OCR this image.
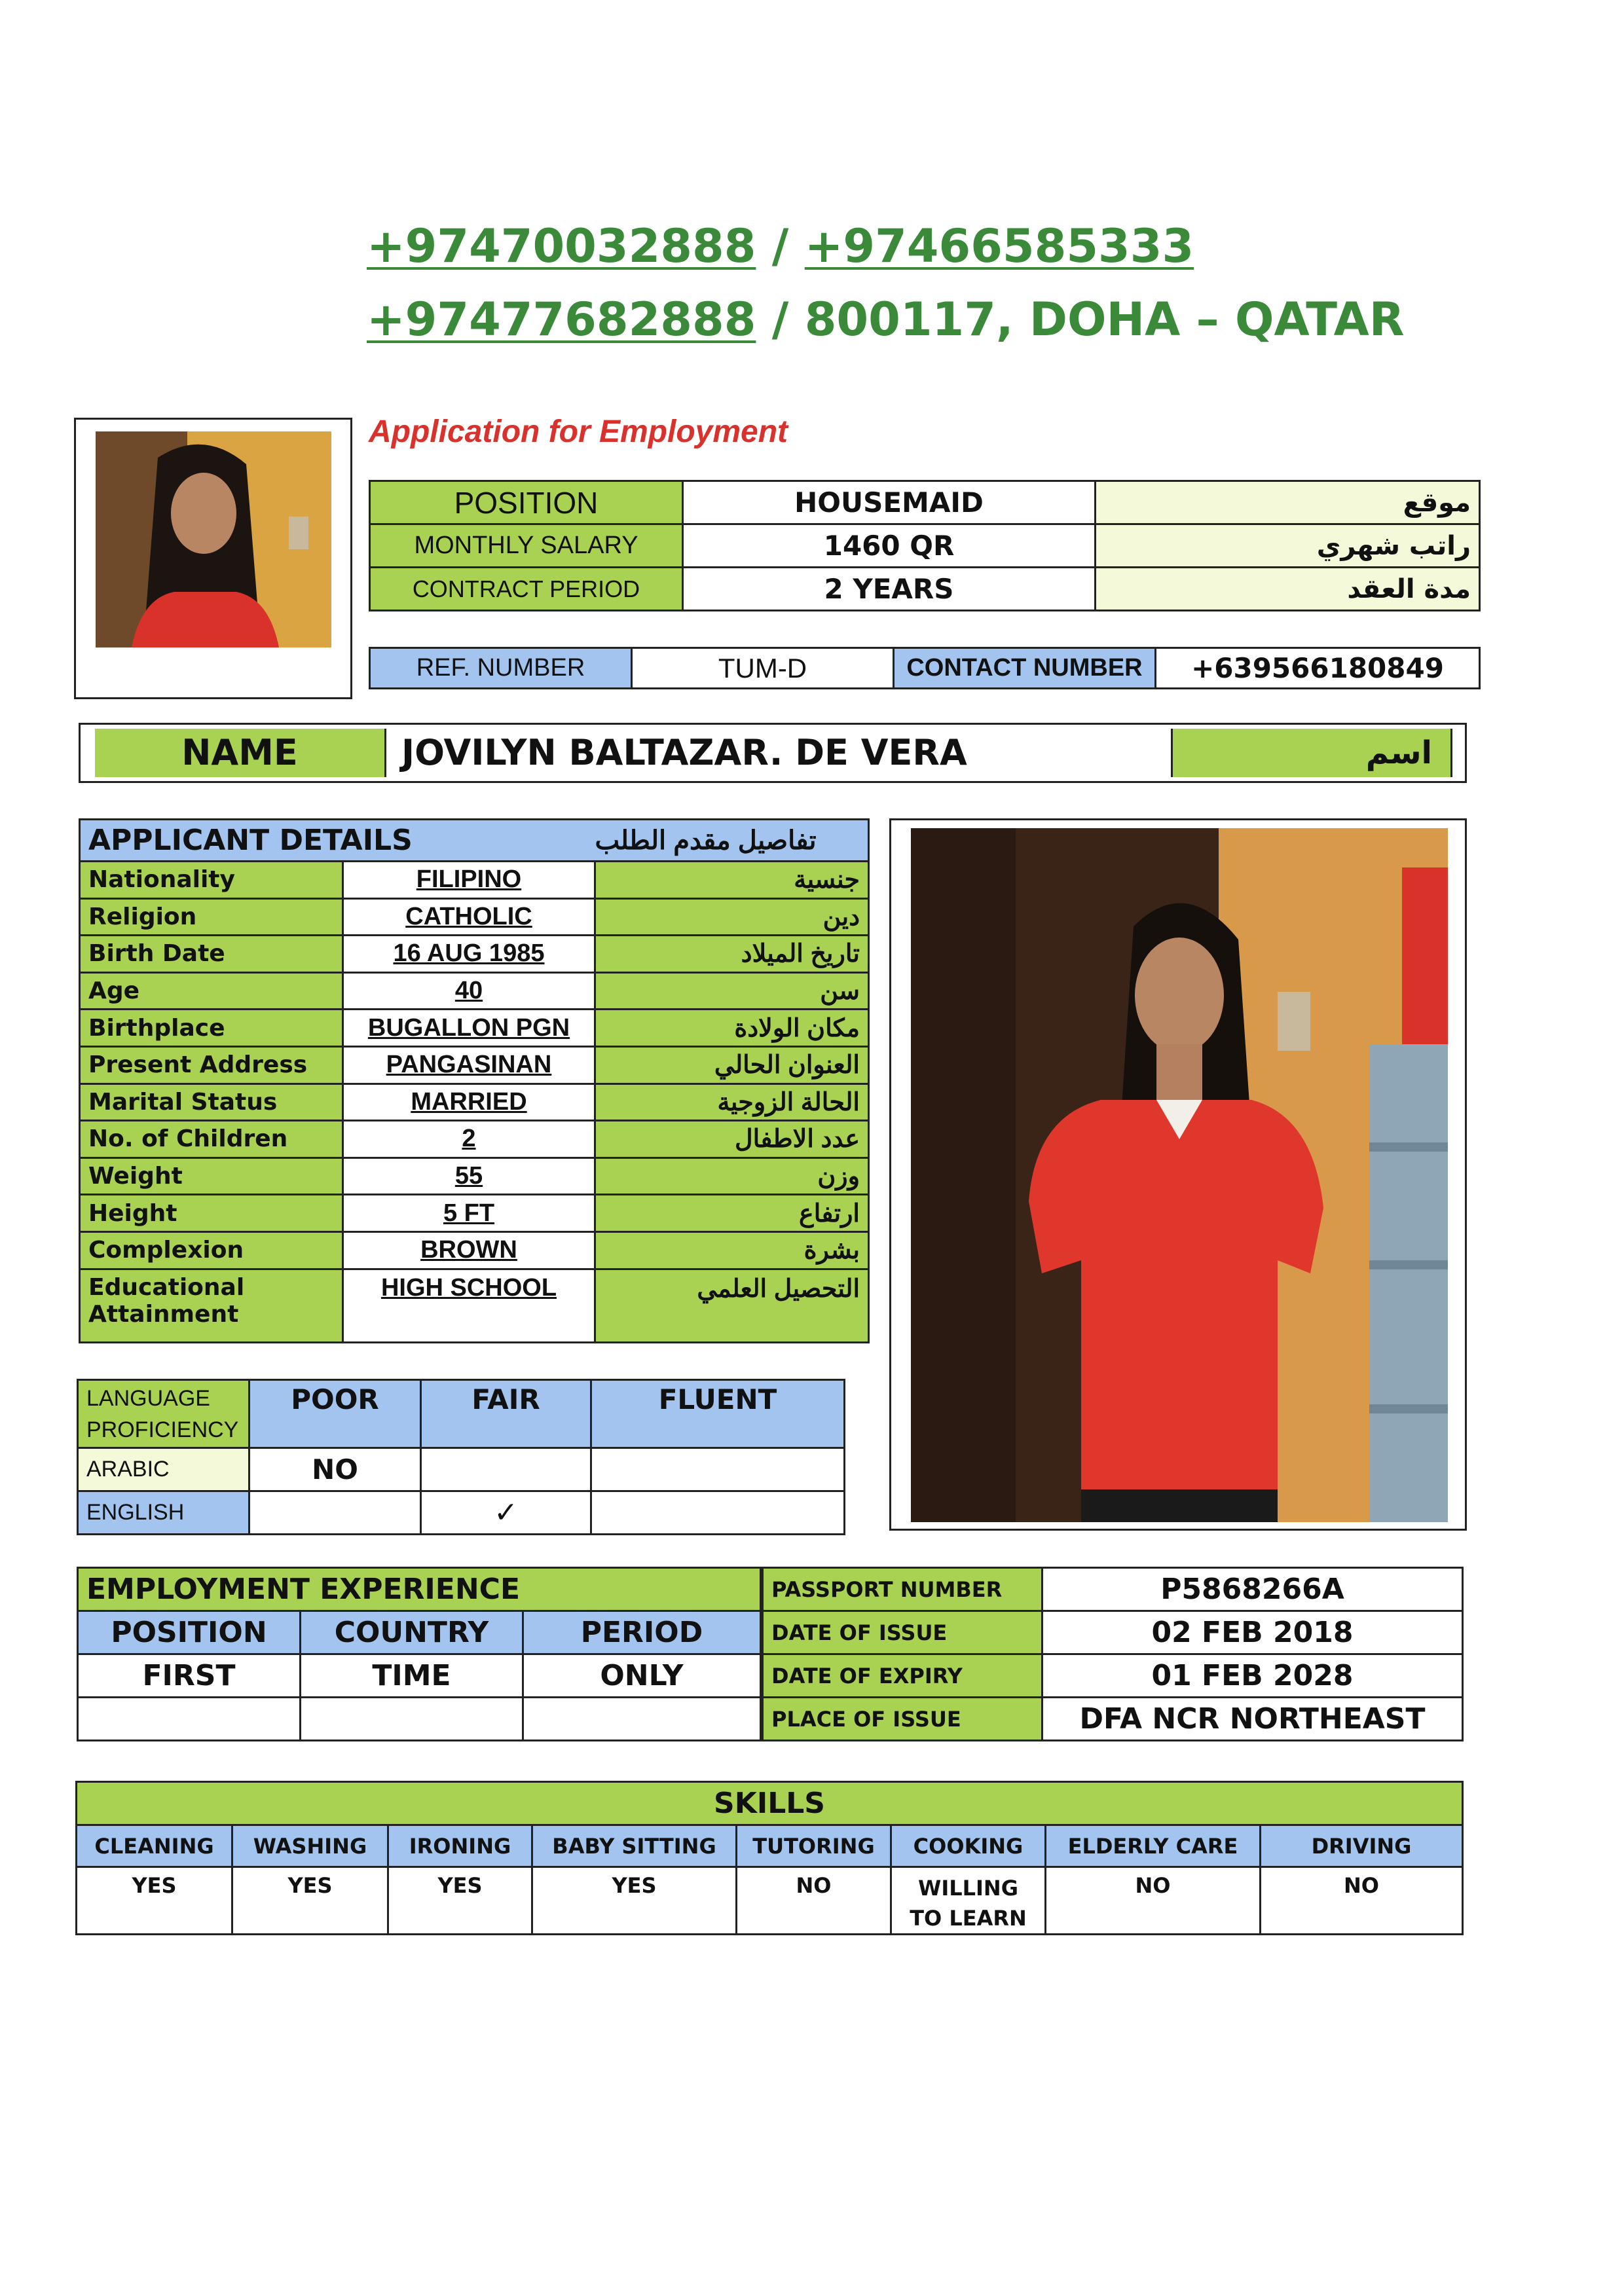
+97470032888 / +97466585333
+97477682888 / 800117, DOHA – QATAR
Application for Employment
POSITION	HOUSEMAID	موقع
MONTHLY SALARY	1460 QR	راتب شهري
CONTRACT PERIOD	2 YEARS	مدة العقد
REF. NUMBER	TUM-D	CONTACT NUMBER	+639566180849
NAME	JOVILYN BALTAZAR. DE VERA	اسم
APPLICANT DETAILS		تفاصيل مقدم الطلب
Nationality	FILIPINO	جنسية
Religion	CATHOLIC	دين
Birth Date	16 AUG 1985	تاريخ الميلاد
Age	40	سن
Birthplace	BUGALLON PGN	مكان الولادة
Present Address	PANGASINAN	العنوان الحالي
Marital Status	MARRIED	الحالة الزوجية
No. of Children	2	عدد الاطفال
Weight	55	وزن
Height	5 FT	ارتفاع
Complexion	BROWN	بشرة
Educational Attainment	HIGH SCHOOL	التحصيل العلمي
LANGUAGE PROFICIENCY	POOR	FAIR	FLUENT
ARABIC	NO		
ENGLISH		✓	
EMPLOYMENT EXPERIENCE		
POSITION	COUNTRY	PERIOD
FIRST	TIME	ONLY

PASSPORT NUMBER	P5868266A
DATE OF ISSUE	02 FEB 2018
DATE OF EXPIRY	01 FEB 2028
PLACE OF ISSUE	DFA NCR NORTHEAST
SKILLS							
CLEANING	WASHING	IRONING	BABY SITTING	TUTORING	COOKING	ELDERLY CARE	DRIVING
YES	YES	YES	YES	NO	WILLING TO LEARN	NO	NO
